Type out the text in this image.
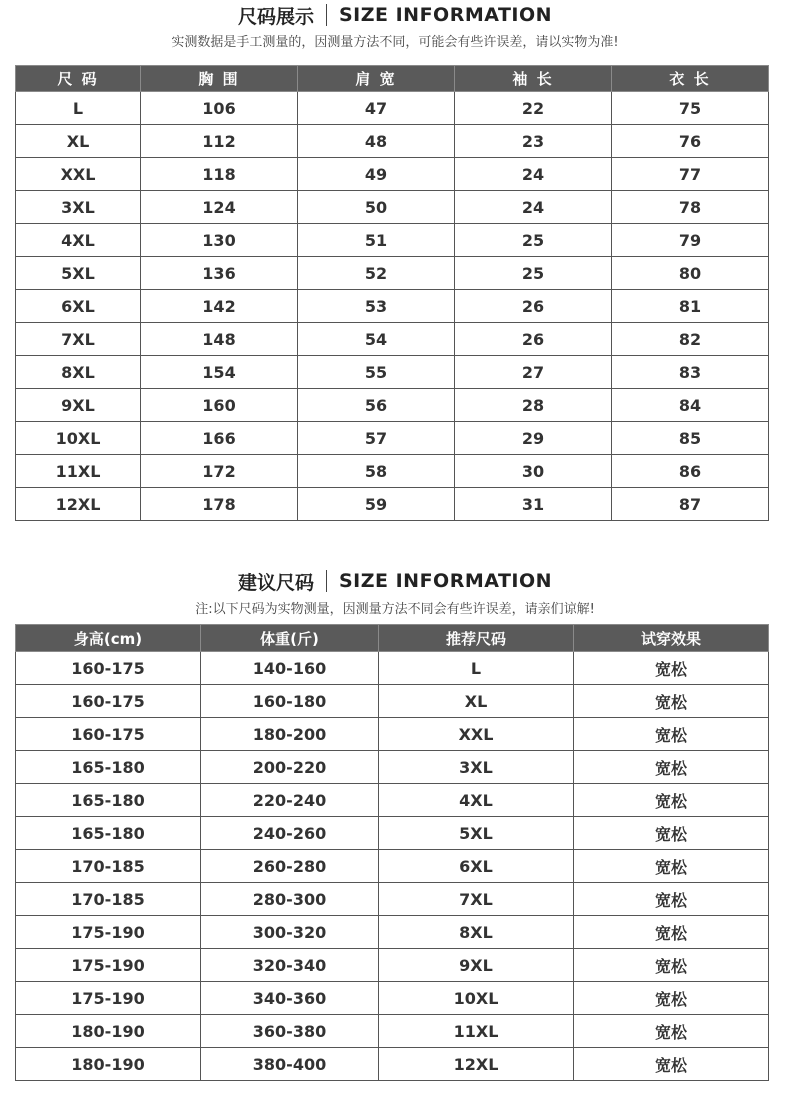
尺码展示 SIZE INFORMATION
实测数据是手工测量的，因测量方法不同，可能会有些许误差，请以实物为准!
尺 码	胸 围	肩 宽	袖 长	衣 长
L	106	47	22	75
XL	112	48	23	76
XXL	118	49	24	77
3XL	124	50	24	78
4XL	130	51	25	79
5XL	136	52	25	80
6XL	142	53	26	81
7XL	148	54	26	82
8XL	154	55	27	83
9XL	160	56	28	84
10XL	166	57	29	85
11XL	172	58	30	86
12XL	178	59	31	87
建议尺码 SIZE INFORMATION
注:以下尺码为实物测量，因测量方法不同会有些许误差，请亲们谅解!
身高(cm)	体重(斤)	推荐尺码	试穿效果
160-175	140-160	L	宽松
160-175	160-180	XL	宽松
160-175	180-200	XXL	宽松
165-180	200-220	3XL	宽松
165-180	220-240	4XL	宽松
165-180	240-260	5XL	宽松
170-185	260-280	6XL	宽松
170-185	280-300	7XL	宽松
175-190	300-320	8XL	宽松
175-190	320-340	9XL	宽松
175-190	340-360	10XL	宽松
180-190	360-380	11XL	宽松
180-190	380-400	12XL	宽松
